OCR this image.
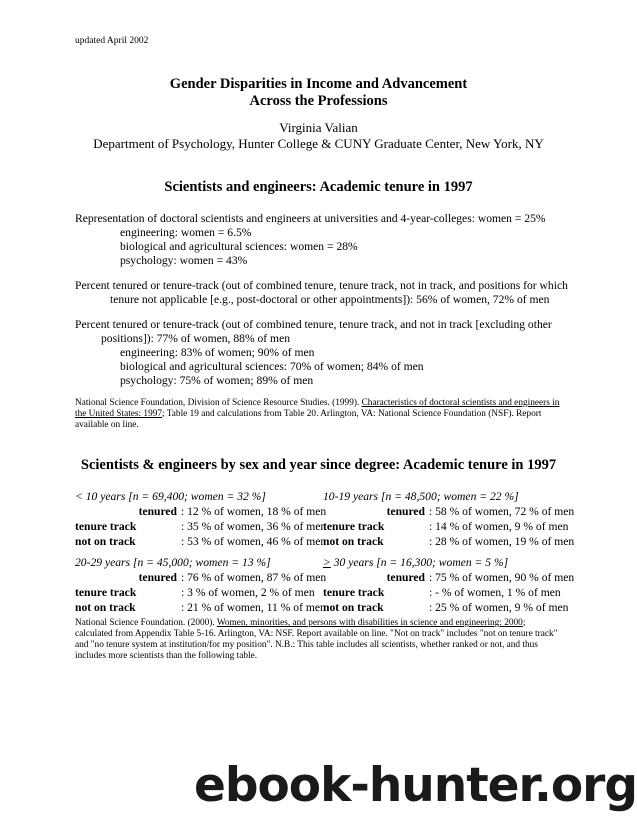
updated April 2002
Gender Disparities in Income and Advancement
Across the Professions
Virginia Valian
Department of Psychology, Hunter College & CUNY Graduate Center, New York, NY
Scientists and engineers: Academic tenure in 1997
Representation of doctoral scientists and engineers at universities and 4-year-colleges: women = 25%
engineering: women = 6.5%
biological and agricultural sciences: women = 28%
psychology: women = 43%
Percent tenured or tenure-track (out of combined tenure, tenure track, not in track, and positions for which
tenure not applicable [e.g., post-doctoral or other appointments]): 56% of women, 72% of men
Percent tenured or tenure-track (out of combined tenure, tenure track, and not in track [excluding other
positions]): 77% of women, 88% of men
engineering: 83% of women; 90% of men
biological and agricultural sciences: 70% of women; 84% of men
psychology: 75% of women; 89% of men
National Science Foundation, Division of Science Resource Studies. (1999). Characteristics of doctoral scientists and engineers in the United States: 1997; Table 19 and calculations from Table 20. Arlington, VA: National Science Foundation (NSF). Report available on line.
Scientists & engineers by sex and year since degree: Academic tenure in 1997
< 10 years [n = 69,400; women = 32 %]
tenured : 12 % of women, 18 % of men
tenure track	: 35 % of women, 36 % of men
not on track	: 53 % of women, 46 % of men
10-19 years [n = 48,500; women = 22 %]
tenured : 58 % of women, 72 % of men
tenure track	: 14 % of women, 9 % of men
not on track	: 28 % of women, 19 % of men
20-29 years [n = 45,000; women = 13 %]
tenured : 76 % of women, 87 % of men
tenure track	: 3 % of women, 2 % of men
not on track	: 21 % of women, 11 % of men
≥ 30 years [n = 16,300; women = 5 %]
tenured : 75 % of women, 90 % of men
tenure track	: - % of women, 1 % of men
not on track	: 25 % of women, 9 % of men
National Science Foundation. (2000). Women, minorities, and persons with disabilities in science and engineering: 2000; calculated from Appendix Table 5-16. Arlington, VA: NSF. Report available on line. "Not on track" includes "not on tenure track" and "no tenure system at institution/for my position". N.B.: This table includes all scientists, whether ranked or not, and thus includes more scientists than the following table.
ebook-hunter.org
